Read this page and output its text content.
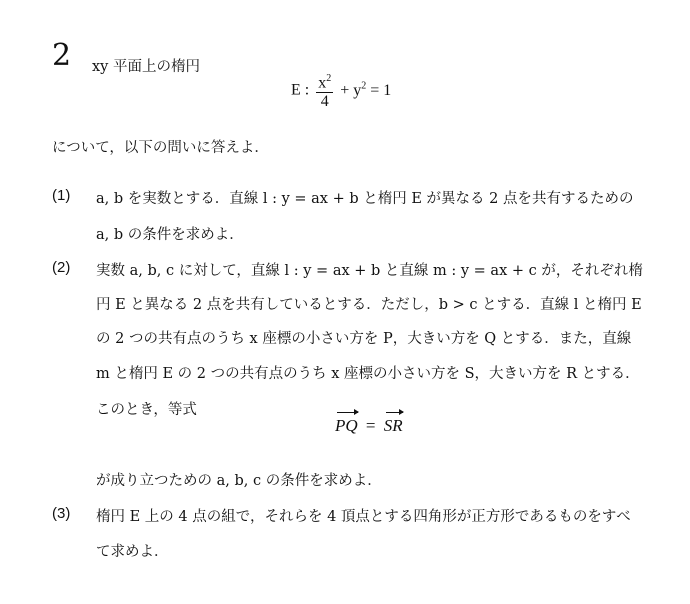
2 xy 平面上の楕円
E : $\frac{x^2}{4} + y^2 = 1$
について，以下の問いに答えよ．
(1) a, b を実数とする．直線 l : y = ax + b と楕円 E が異なる 2 点を共有するための
a, b の条件を求めよ．
(2) 実数 a, b, c に対して，直線 l : y = ax + b と直線 m : y = ax + c が，それぞれ楕
円 E と異なる 2 点を共有しているとする．ただし，b > c とする．直線 l と楕円 E
の 2 つの共有点のうち x 座標の小さい方を P，大きい方を Q とする．また，直線
m と楕円 E の 2 つの共有点のうち x 座標の小さい方を S，大きい方を R とする．
このとき，等式
PQ = SR
が成り立つための a, b, c の条件を求めよ．
(3) 楕円 E 上の 4 点の組で，それらを 4 頂点とする四角形が正方形であるものをすべ
て求めよ．
